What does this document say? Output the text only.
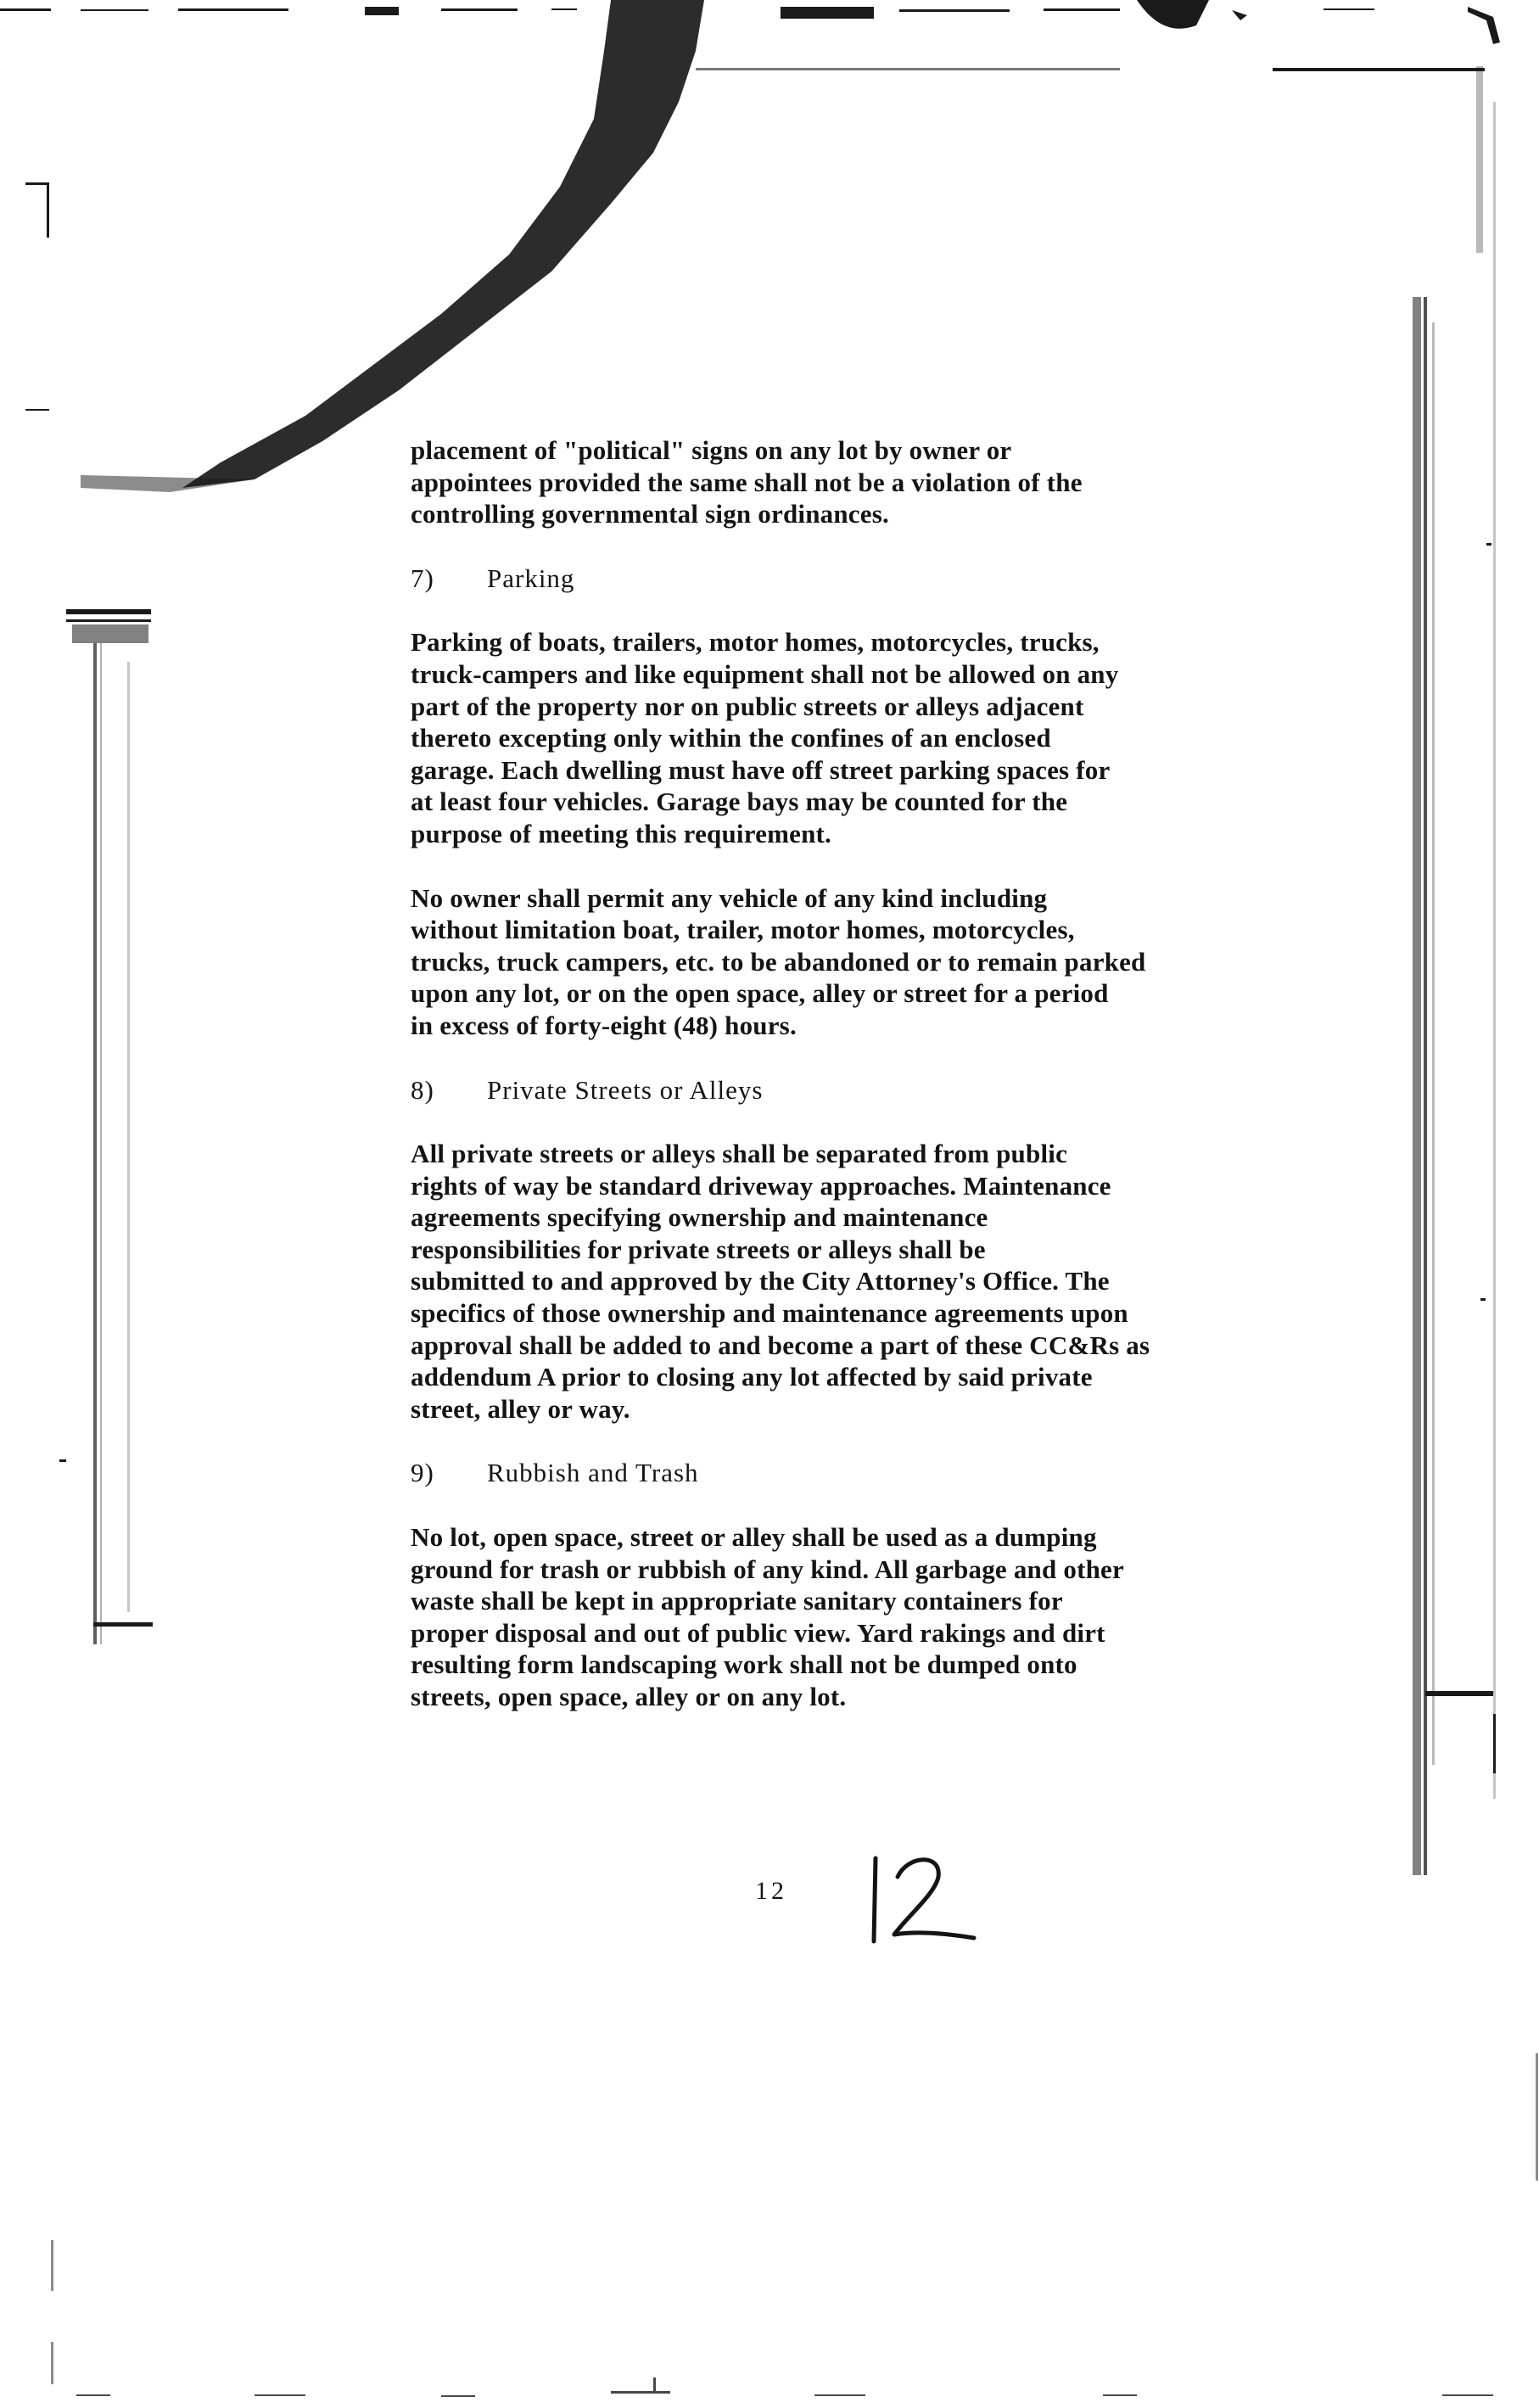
placement of "political" signs on any lot by owner or
appointees provided the same shall not be a violation of the
controlling governmental sign ordinances.

7) Parking

Parking of boats, trailers, motor homes, motorcycles, trucks,
truck-campers and like equipment shall not be allowed on any
part of the property nor on public streets or alleys adjacent
thereto excepting only within the confines of an enclosed
garage. Each dwelling must have off street parking spaces for
at least four vehicles. Garage bays may be counted for the
purpose of meeting this requirement.

No owner shall permit any vehicle of any kind including
without limitation boat, trailer, motor homes, motorcycles,
trucks, truck campers, etc. to be abandoned or to remain parked
upon any lot, or on the open space, alley or street for a period
in excess of forty-eight (48) hours.

8) Private Streets or Alleys

All private streets or alleys shall be separated from public
rights of way be standard driveway approaches. Maintenance
agreements specifying ownership and maintenance
responsibilities for private streets or alleys shall be
submitted to and approved by the City Attorney's Office. The
specifics of those ownership and maintenance agreements upon
approval shall be added to and become a part of these CC&Rs as
addendum A prior to closing any lot affected by said private
street, alley or way.

9) Rubbish and Trash

No lot, open space, street or alley shall be used as a dumping
ground for trash or rubbish of any kind. All garbage and other
waste shall be kept in appropriate sanitary containers for
proper disposal and out of public view. Yard rakings and dirt
resulting form landscaping work shall not be dumped onto
streets, open space, alley or on any lot.

12
